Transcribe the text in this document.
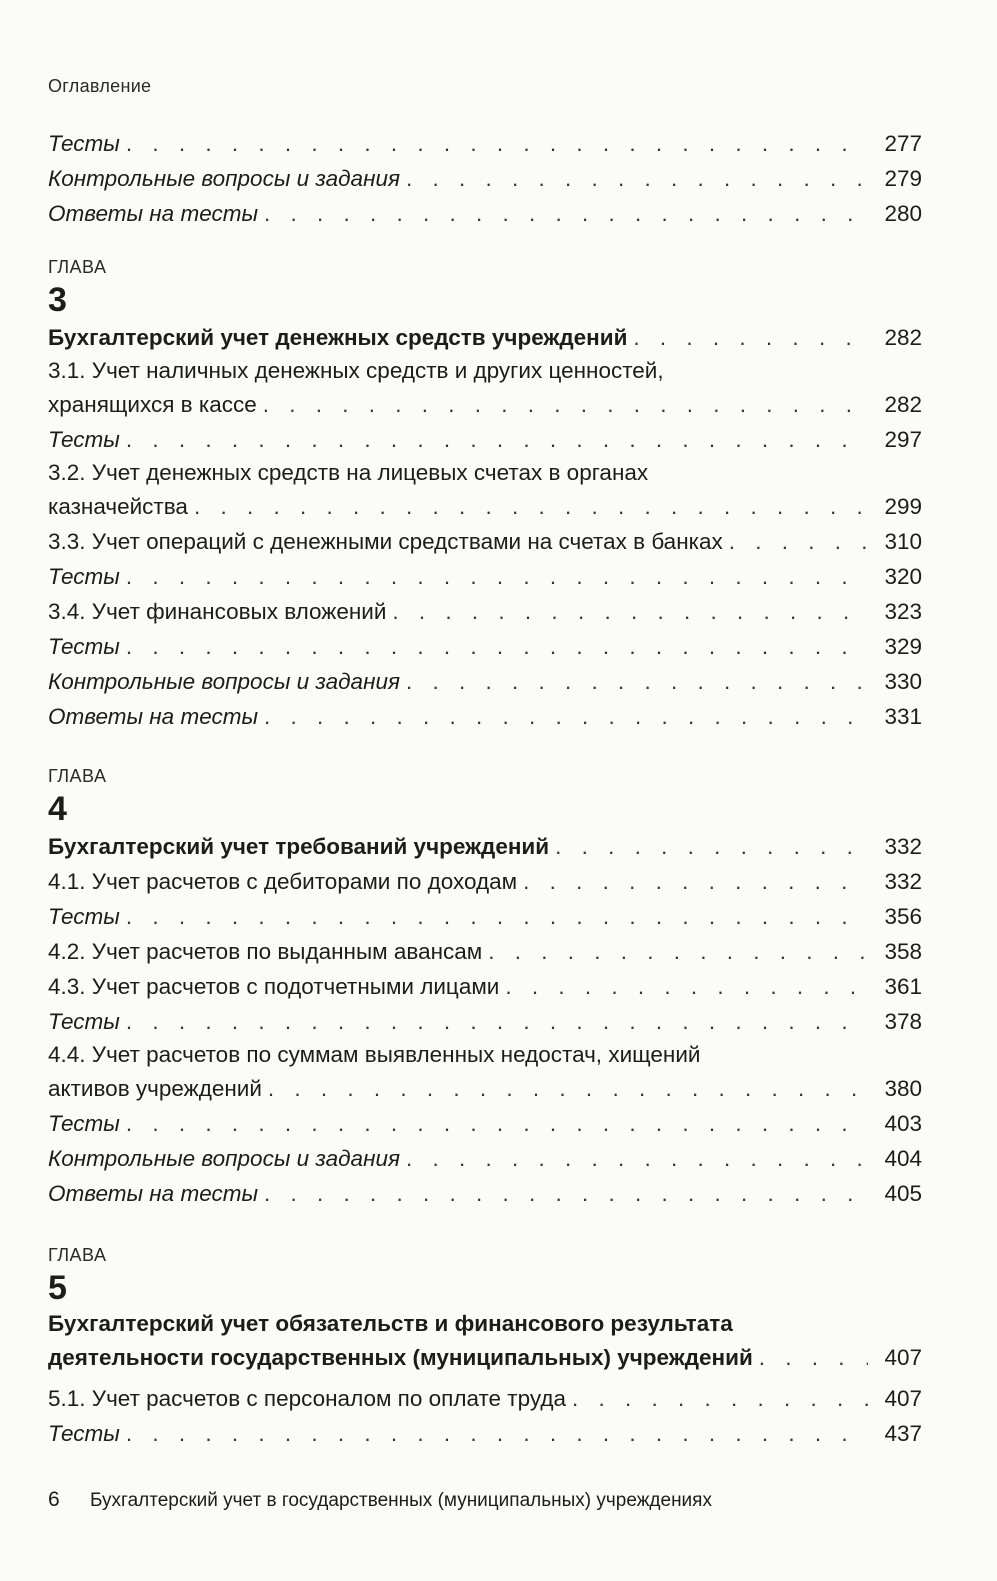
Оглавление
Тесты . . .	277
Контрольные вопросы и задания . . .	279
Ответы на тесты . . .	280
ГЛАВА
3
Бухгалтерский учет денежных средств учреждений . . .	282
3.1. Учет наличных денежных средств и других ценностей,
хранящихся в кассе . . .	282
Тесты . . .	297
3.2. Учет денежных средств на лицевых счетах в органах
казначейства . . .	299
3.3. Учет операций с денежными средствами на счетах в банках . . .	310
Тесты . . .	320
3.4. Учет финансовых вложений . . .	323
Тесты . . .	329
Контрольные вопросы и задания . . .	330
Ответы на тесты . . .	331
ГЛАВА
4
Бухгалтерский учет требований учреждений . . .	332
4.1. Учет расчетов с дебиторами по доходам . . .	332
Тесты . . .	356
4.2. Учет расчетов по выданным авансам . . .	358
4.3. Учет расчетов с подотчетными лицами . . .	361
Тесты . . .	378
4.4. Учет расчетов по суммам выявленных недостач, хищений
активов учреждений . . .	380
Тесты . . .	403
Контрольные вопросы и задания . . .	404
Ответы на тесты . . .	405
ГЛАВА
5
Бухгалтерский учет обязательств и финансового результата
деятельности государственных (муниципальных) учреждений . . .	407
5.1. Учет расчетов с персоналом по оплате труда . . .	407
Тесты . . .	437
6 Бухгалтерский учет в государственных (муниципальных) учреждениях
